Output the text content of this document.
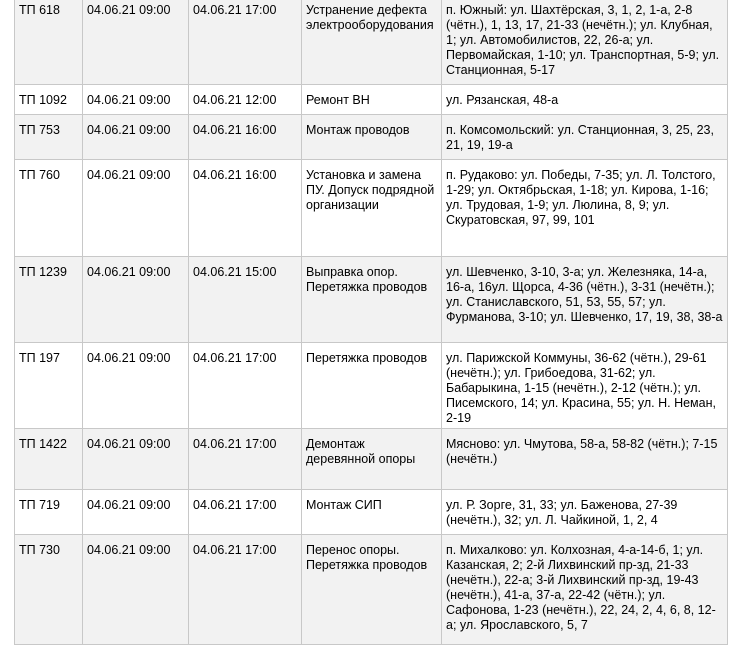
ТП 618	04.06.21 09:00	04.06.21 17:00	Устранение дефекта электрооборудования	п. Южный: ул. Шахтёрская, 3, 1, 2, 1-а, 2-8 (чётн.), 1, 13, 17, 21-33 (нечётн.); ул. Клубная, 1; ул. Автомобилистов, 22, 26-а; ул. Первомайская, 1-10; ул. Транспортная, 5-9; ул. Станционная, 5-17
ТП 1092	04.06.21 09:00	04.06.21 12:00	Ремонт ВН	ул. Рязанская, 48-а
ТП 753	04.06.21 09:00	04.06.21 16:00	Монтаж проводов	п. Комсомольский: ул. Станционная, 3, 25, 23, 21, 19, 19-а
ТП 760	04.06.21 09:00	04.06.21 16:00	Установка и замена ПУ. Допуск подрядной организации	п. Рудаково: ул. Победы, 7-35; ул. Л. Толстого, 1-29; ул. Октябрьская, 1-18; ул. Кирова, 1-16; ул. Трудовая, 1-9; ул. Люлина, 8, 9; ул. Скуратовская, 97, 99, 101
ТП 1239	04.06.21 09:00	04.06.21 15:00	Выправка опор. Перетяжка проводов	ул. Шевченко, 3-10, 3-а; ул. Железняка, 14-а, 16-а, 16ул. Щорса, 4-36 (чётн.), 3-31 (нечётн.); ул. Станиславского, 51, 53, 55, 57; ул. Фурманова, 3-10; ул. Шевченко, 17, 19, 38, 38-а
ТП 197	04.06.21 09:00	04.06.21 17:00	Перетяжка проводов	ул. Парижской Коммуны, 36-62 (чётн.), 29-61 (нечётн.); ул. Грибоедова, 31-62; ул. Бабарыкина, 1-15 (нечётн.), 2-12 (чётн.); ул. Писемского, 14; ул. Красина, 55; ул. Н. Неман, 2-19
ТП 1422	04.06.21 09:00	04.06.21 17:00	Демонтаж деревянной опоры	Мясново: ул. Чмутова, 58-а, 58-82 (чётн.); 7-15 (нечётн.)
ТП 719	04.06.21 09:00	04.06.21 17:00	Монтаж СИП	ул. Р. Зорге, 31, 33; ул. Баженова, 27-39 (нечётн.), 32; ул. Л. Чайкиной, 1, 2, 4
ТП 730	04.06.21 09:00	04.06.21 17:00	Перенос опоры. Перетяжка проводов	п. Михалково: ул. Колхозная, 4-а-14-б, 1; ул. Казанская, 2; 2-й Лихвинский пр-зд, 21-33 (нечётн.), 22-а; 3-й Лихвинский пр-зд, 19-43 (нечётн.), 41-а, 37-а, 22-42 (чётн.); ул. Сафонова, 1-23 (нечётн.), 22, 24, 2, 4, 6, 8, 12-а; ул. Ярославского, 5, 7
